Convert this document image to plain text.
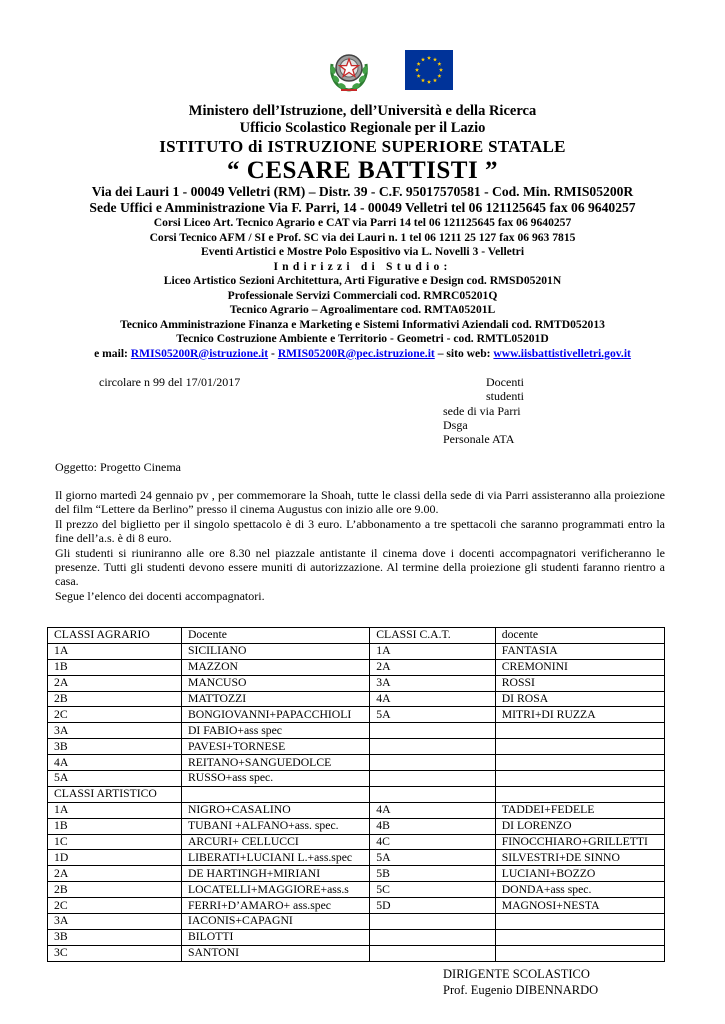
Ministero dell’Istruzione, dell’Università e della Ricerca
Ufficio Scolastico Regionale per il Lazio
ISTITUTO di ISTRUZIONE SUPERIORE STATALE
“ CESARE BATTISTI ”
Via dei Lauri 1 - 00049 Velletri (RM) – Distr. 39 - C.F. 95017570581 - Cod. Min. RMIS05200R
Sede Uffici e Amministrazione Via F. Parri, 14 - 00049 Velletri tel 06 121125645 fax 06 9640257
Corsi Liceo Art. Tecnico Agrario e CAT via Parri 14 tel 06 121125645 fax 06 9640257
Corsi Tecnico AFM / SI e Prof. SC via dei Lauri n. 1 tel 06 1211 25 127 fax 06 963 7815
Eventi Artistici e Mostre Polo Espositivo via L. Novelli 3 - Velletri
Indirizzi di Studio:
Liceo Artistico Sezioni Architettura, Arti Figurative e Design cod. RMSD05201N
Professionale Servizi Commerciali cod. RMRC05201Q
Tecnico Agrario – Agroalimentare cod. RMTA05201L
Tecnico Amministrazione Finanza e Marketing e Sistemi Informativi Aziendali cod. RMTD052013
Tecnico Costruzione Ambiente e Territorio - Geometri - cod. RMTL05201D
e mail: RMIS05200R@istruzione.it - RMIS05200R@pec.istruzione.it – sito web: www.iisbattistivelletri.gov.it
circolare n 99 del 17/01/2017	Docenti
studenti
sede di via Parri
Dsga
Personale ATA
Oggetto: Progetto Cinema

Il giorno martedì 24 gennaio pv , per commemorare la Shoah, tutte le classi della sede di via Parri assisteranno alla proiezione del film “Lettere da Berlino” presso il cinema Augustus con inizio alle ore 9.00.

Il prezzo del biglietto per il singolo spettacolo è di 3 euro. L’abbonamento a tre spettacoli che saranno programmati entro la fine dell’a.s. è di 8 euro.

Gli studenti si riuniranno alle ore 8.30 nel piazzale antistante il cinema dove i docenti accompagnatori verificheranno le presenze. Tutti gli studenti devono essere muniti di autorizzazione. Al termine della proiezione gli studenti faranno rientro a casa.

Segue l’elenco dei docenti accompagnatori.

CLASSI AGRARIO	Docente	CLASSI C.A.T.	docente
1A	SICILIANO	1A	FANTASIA
1B	MAZZON	2A	CREMONINI
2A	MANCUSO	3A	ROSSI
2B	MATTOZZI	4A	DI ROSA
2C	BONGIOVANNI+PAPACCHIOLI	5A	MITRI+DI RUZZA
3A	DI FABIO+ass spec		
3B	PAVESI+TORNESE		
4A	REITANO+SANGUEDOLCE		
5A	RUSSO+ass spec.		
CLASSI ARTISTICO			
1A	NIGRO+CASALINO	4A	TADDEI+FEDELE
1B	TUBANI +ALFANO+ass. spec.	4B	DI LORENZO
1C	ARCURI+ CELLUCCI	4C	FINOCCHIARO+GRILLETTI
1D	LIBERATI+LUCIANI L.+ass.spec	5A	SILVESTRI+DE SINNO
2A	DE HARTINGH+MIRIANI	5B	LUCIANI+BOZZO
2B	LOCATELLI+MAGGIORE+ass.s	5C	DONDA+ass spec.
2C	FERRI+D’AMARO+ ass.spec	5D	MAGNOSI+NESTA
3A	IACONIS+CAPAGNI		
3B	BILOTTI		
3C	SANTONI		
DIRIGENTE SCOLASTICO
Prof. Eugenio DIBENNARDO
